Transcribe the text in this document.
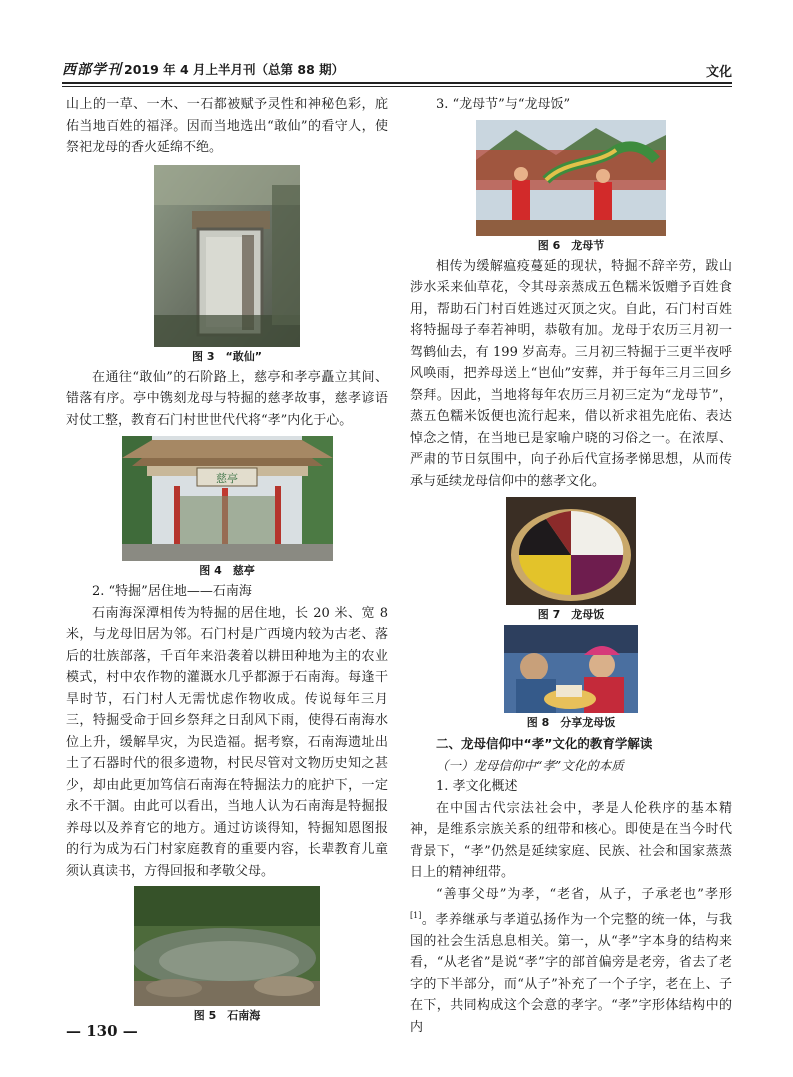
西部学刊 2019 年 4 月上半月刊（总第 88 期）	文化

山上的一草、一木、一石都被赋予灵性和神秘色彩，庇佑当地百姓的福泽。因而当地选出“敢仙”的看守人，使祭祀龙母的香火延绵不绝。

图 3　“敢仙”

在通往“敢仙”的石阶路上，慈亭和孝亭矗立其间、错落有序。亭中镌刻龙母与特掘的慈孝故事，慈孝谚语对仗工整，教育石门村世世代代将“孝”内化于心。

慈亭
图 4　慈亭
2. “特掘”居住地——石南海

石南海深潭相传为特掘的居住地，长 20 米、宽 8 米，与龙母旧居为邻。石门村是广西境内较为古老、落后的壮族部落，千百年来沿袭着以耕田种地为主的农业模式，村中农作物的灌溉水几乎都源于石南海。每逢干旱时节，石门村人无需忧虑作物收成。传说每年三月三，特掘受命于回乡祭拜之日刮风下雨，使得石南海水位上升，缓解旱灾，为民造福。据考察，石南海遗址出土了石器时代的很多遗物，村民尽管对文物历史知之甚少，却由此更加笃信石南海在特掘法力的庇护下，一定永不干涸。由此可以看出，当地人认为石南海是特掘报养母以及养育它的地方。通过访谈得知，特掘知恩图报的行为成为石门村家庭教育的重要内容，长辈教育儿童须认真读书，方得回报和孝敬父母。

图 5　石南海
3. “龙母节”与“龙母饭”
图 6　龙母节

相传为缓解瘟疫蔓延的现状，特掘不辞辛劳，跋山涉水采来仙草花，令其母亲蒸成五色糯米饭赠予百姓食用，帮助石门村百姓逃过灭顶之灾。自此，石门村百姓将特掘母子奉若神明，恭敬有加。龙母于农历三月初一驾鹤仙去，有 199 岁高寿。三月初三特掘于三更半夜呼风唤雨，把养母送上“岜仙”安葬，并于每年三月三回乡祭拜。因此，当地将每年农历三月初三定为“龙母节”，蒸五色糯米饭便也流行起来，借以祈求祖先庇佑、表达悼念之情，在当地已是家喻户晓的习俗之一。在浓厚、严肃的节日氛围中，向子孙后代宣扬孝悌思想，从而传承与延续龙母信仰中的慈孝文化。

图 7　龙母饭
图 8　分享龙母饭
二、龙母信仰中“孝”文化的教育学解读
（一）龙母信仰中“孝”文化的本质
1. 孝文化概述

在中国古代宗法社会中，孝是人伦秩序的基本精神，是维系宗族关系的纽带和核心。即使是在当今时代背景下，“孝”仍然是延续家庭、民族、社会和国家蒸蒸日上的精神纽带。

“善事父母”为孝，“老省，从子，子承老也”孝形[1]。孝养继承与孝道弘扬作为一个完整的统一体，与我国的社会生活息息相关。第一，从“孝”字本身的结构来看，“从老省”是说“孝”字的部首偏旁是老旁，省去了老字的下半部分，而“从子”补充了一个子字，老在上、子在下，共同构成这个会意的孝字。“孝”字形体结构中的内

— 130 —
